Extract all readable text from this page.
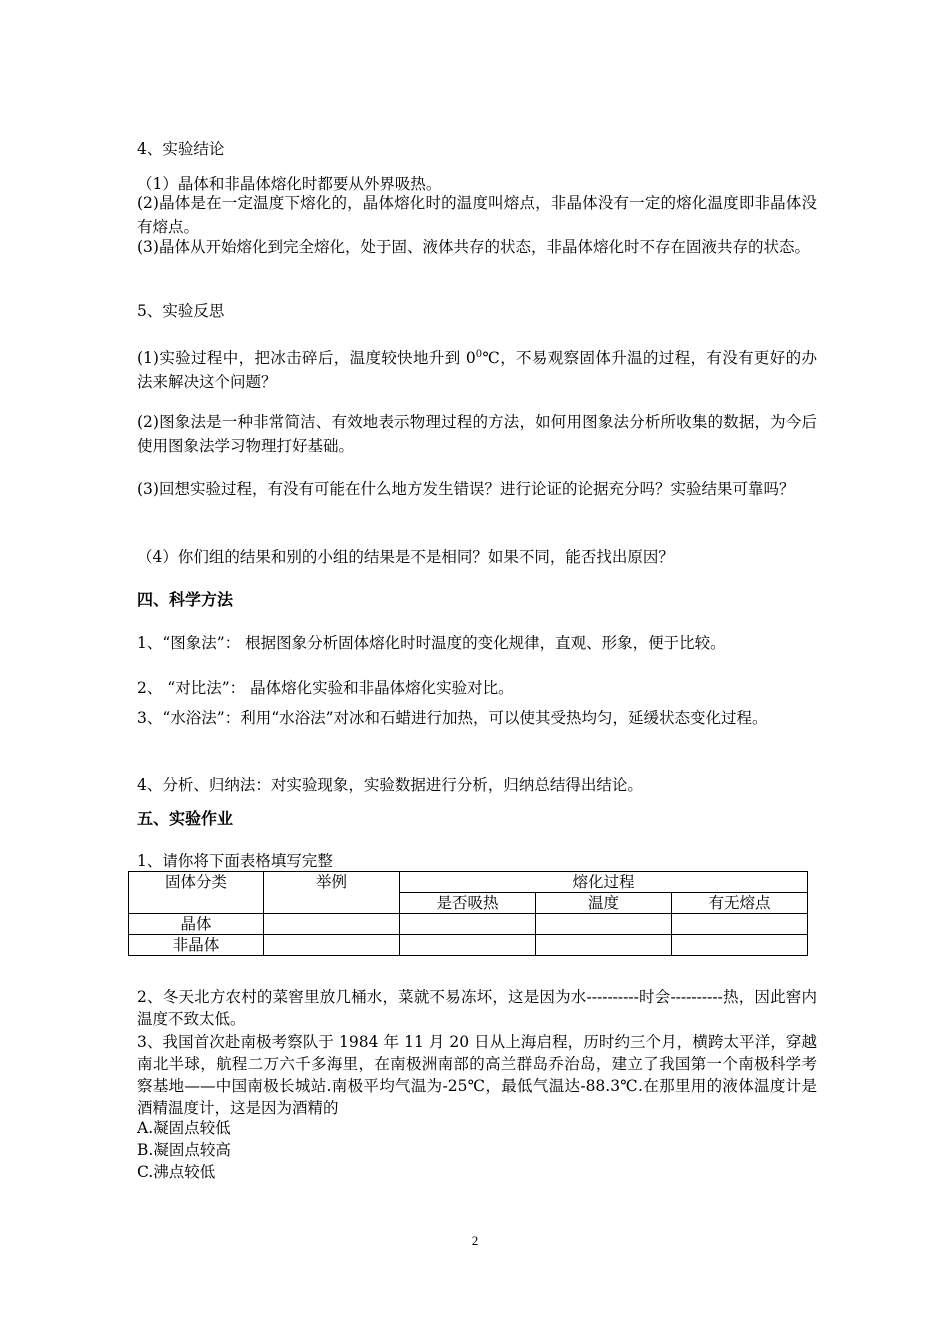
4、实验结论
（1）晶体和非晶体熔化时都要从外界吸热。
(2)晶体是在一定温度下熔化的，晶体熔化时的温度叫熔点，非晶体没有一定的熔化温度即非晶体没有熔点。
(3)晶体从开始熔化到完全熔化，处于固、液体共存的状态，非晶体熔化时不存在固液共存的状态。
5、实验反思
(1)实验过程中，把冰击碎后，温度较快地升到 $0^0℃$，不易观察固体升温的过程，有没有更好的办法来解决这个问题？
(2)图象法是一种非常简洁、有效地表示物理过程的方法，如何用图象法分析所收集的数据，为今后使用图象法学习物理打好基础。
(3)回想实验过程，有没有可能在什么地方发生错误？进行论证的论据充分吗？实验结果可靠吗？
（4）你们组的结果和别的小组的结果是不是相同？如果不同，能否找出原因？
四、科学方法
1、“图象法”： 根据图象分析固体熔化时时温度的变化规律，直观、形象，便于比较。
2、 “对比法”： 晶体熔化实验和非晶体熔化实验对比。
3、“水浴法”：利用“水浴法”对冰和石蜡进行加热，可以使其受热均匀，延缓状态变化过程。
4、分析、归纳法：对实验现象，实验数据进行分析，归纳总结得出结论。
五、实验作业
1、请你将下面表格填写完整
固体分类	举例	熔化过程		
		是否吸热	温度	有无熔点
晶体				
非晶体				
2、冬天北方农村的菜窖里放几桶水，菜就不易冻坏，这是因为水----------时会----------热，因此窖内温度不致太低。
3、我国首次赴南极考察队于 1984 年 11 月 20 日从上海启程，历时约三个月，横跨太平洋，穿越南北半球，航程二万六千多海里，在南极洲南部的高兰群岛乔治岛，建立了我国第一个南极科学考察基地——中国南极长城站.南极平均气温为-25℃，最低气温达-88.3℃.在那里用的液体温度计是酒精温度计，这是因为酒精的
A.凝固点较低
B.凝固点较高
C.沸点较低
2
